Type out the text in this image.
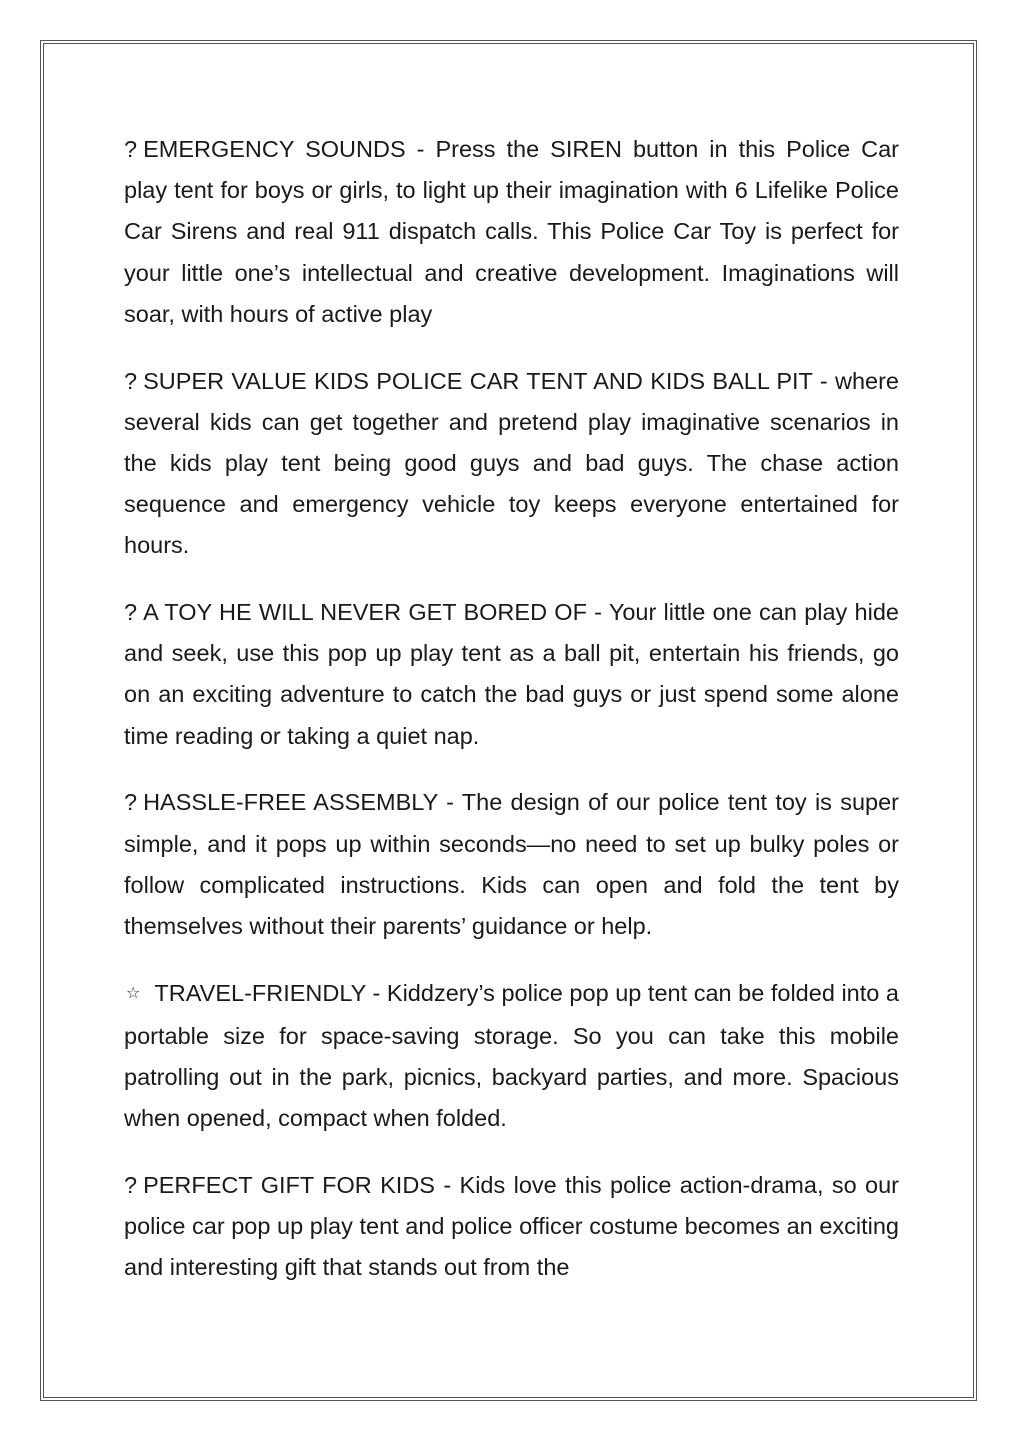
? EMERGENCY SOUNDS - Press the SIREN button in this Police Car play tent for boys or girls, to light up their imagination with 6 Lifelike Police Car Sirens and real 911 dispatch calls. This Police Car Toy is perfect for your little one’s intellectual and creative development. Imaginations will soar, with hours of active play

? SUPER VALUE KIDS POLICE CAR TENT AND KIDS BALL PIT - where several kids can get together and pretend play imaginative scenarios in the kids play tent being good guys and bad guys. The chase action sequence and emergency vehicle toy keeps everyone entertained for hours.

? A TOY HE WILL NEVER GET BORED OF - Your little one can play hide and seek, use this pop up play tent as a ball pit, entertain his friends, go on an exciting adventure to catch the bad guys or just spend some alone time reading or taking a quiet nap.

? HASSLE-FREE ASSEMBLY - The design of our police tent toy is super simple, and it pops up within seconds—no need to set up bulky poles or follow complicated instructions. Kids can open and fold the tent by themselves without their parents’ guidance or help.

☆ TRAVEL-FRIENDLY - Kiddzery’s police pop up tent can be folded into a portable size for space-saving storage. So you can take this mobile patrolling out in the park, picnics, backyard parties, and more. Spacious when opened, compact when folded.

? PERFECT GIFT FOR KIDS - Kids love this police action-drama, so our police car pop up play tent and police officer costume becomes an exciting and interesting gift that stands out from the
